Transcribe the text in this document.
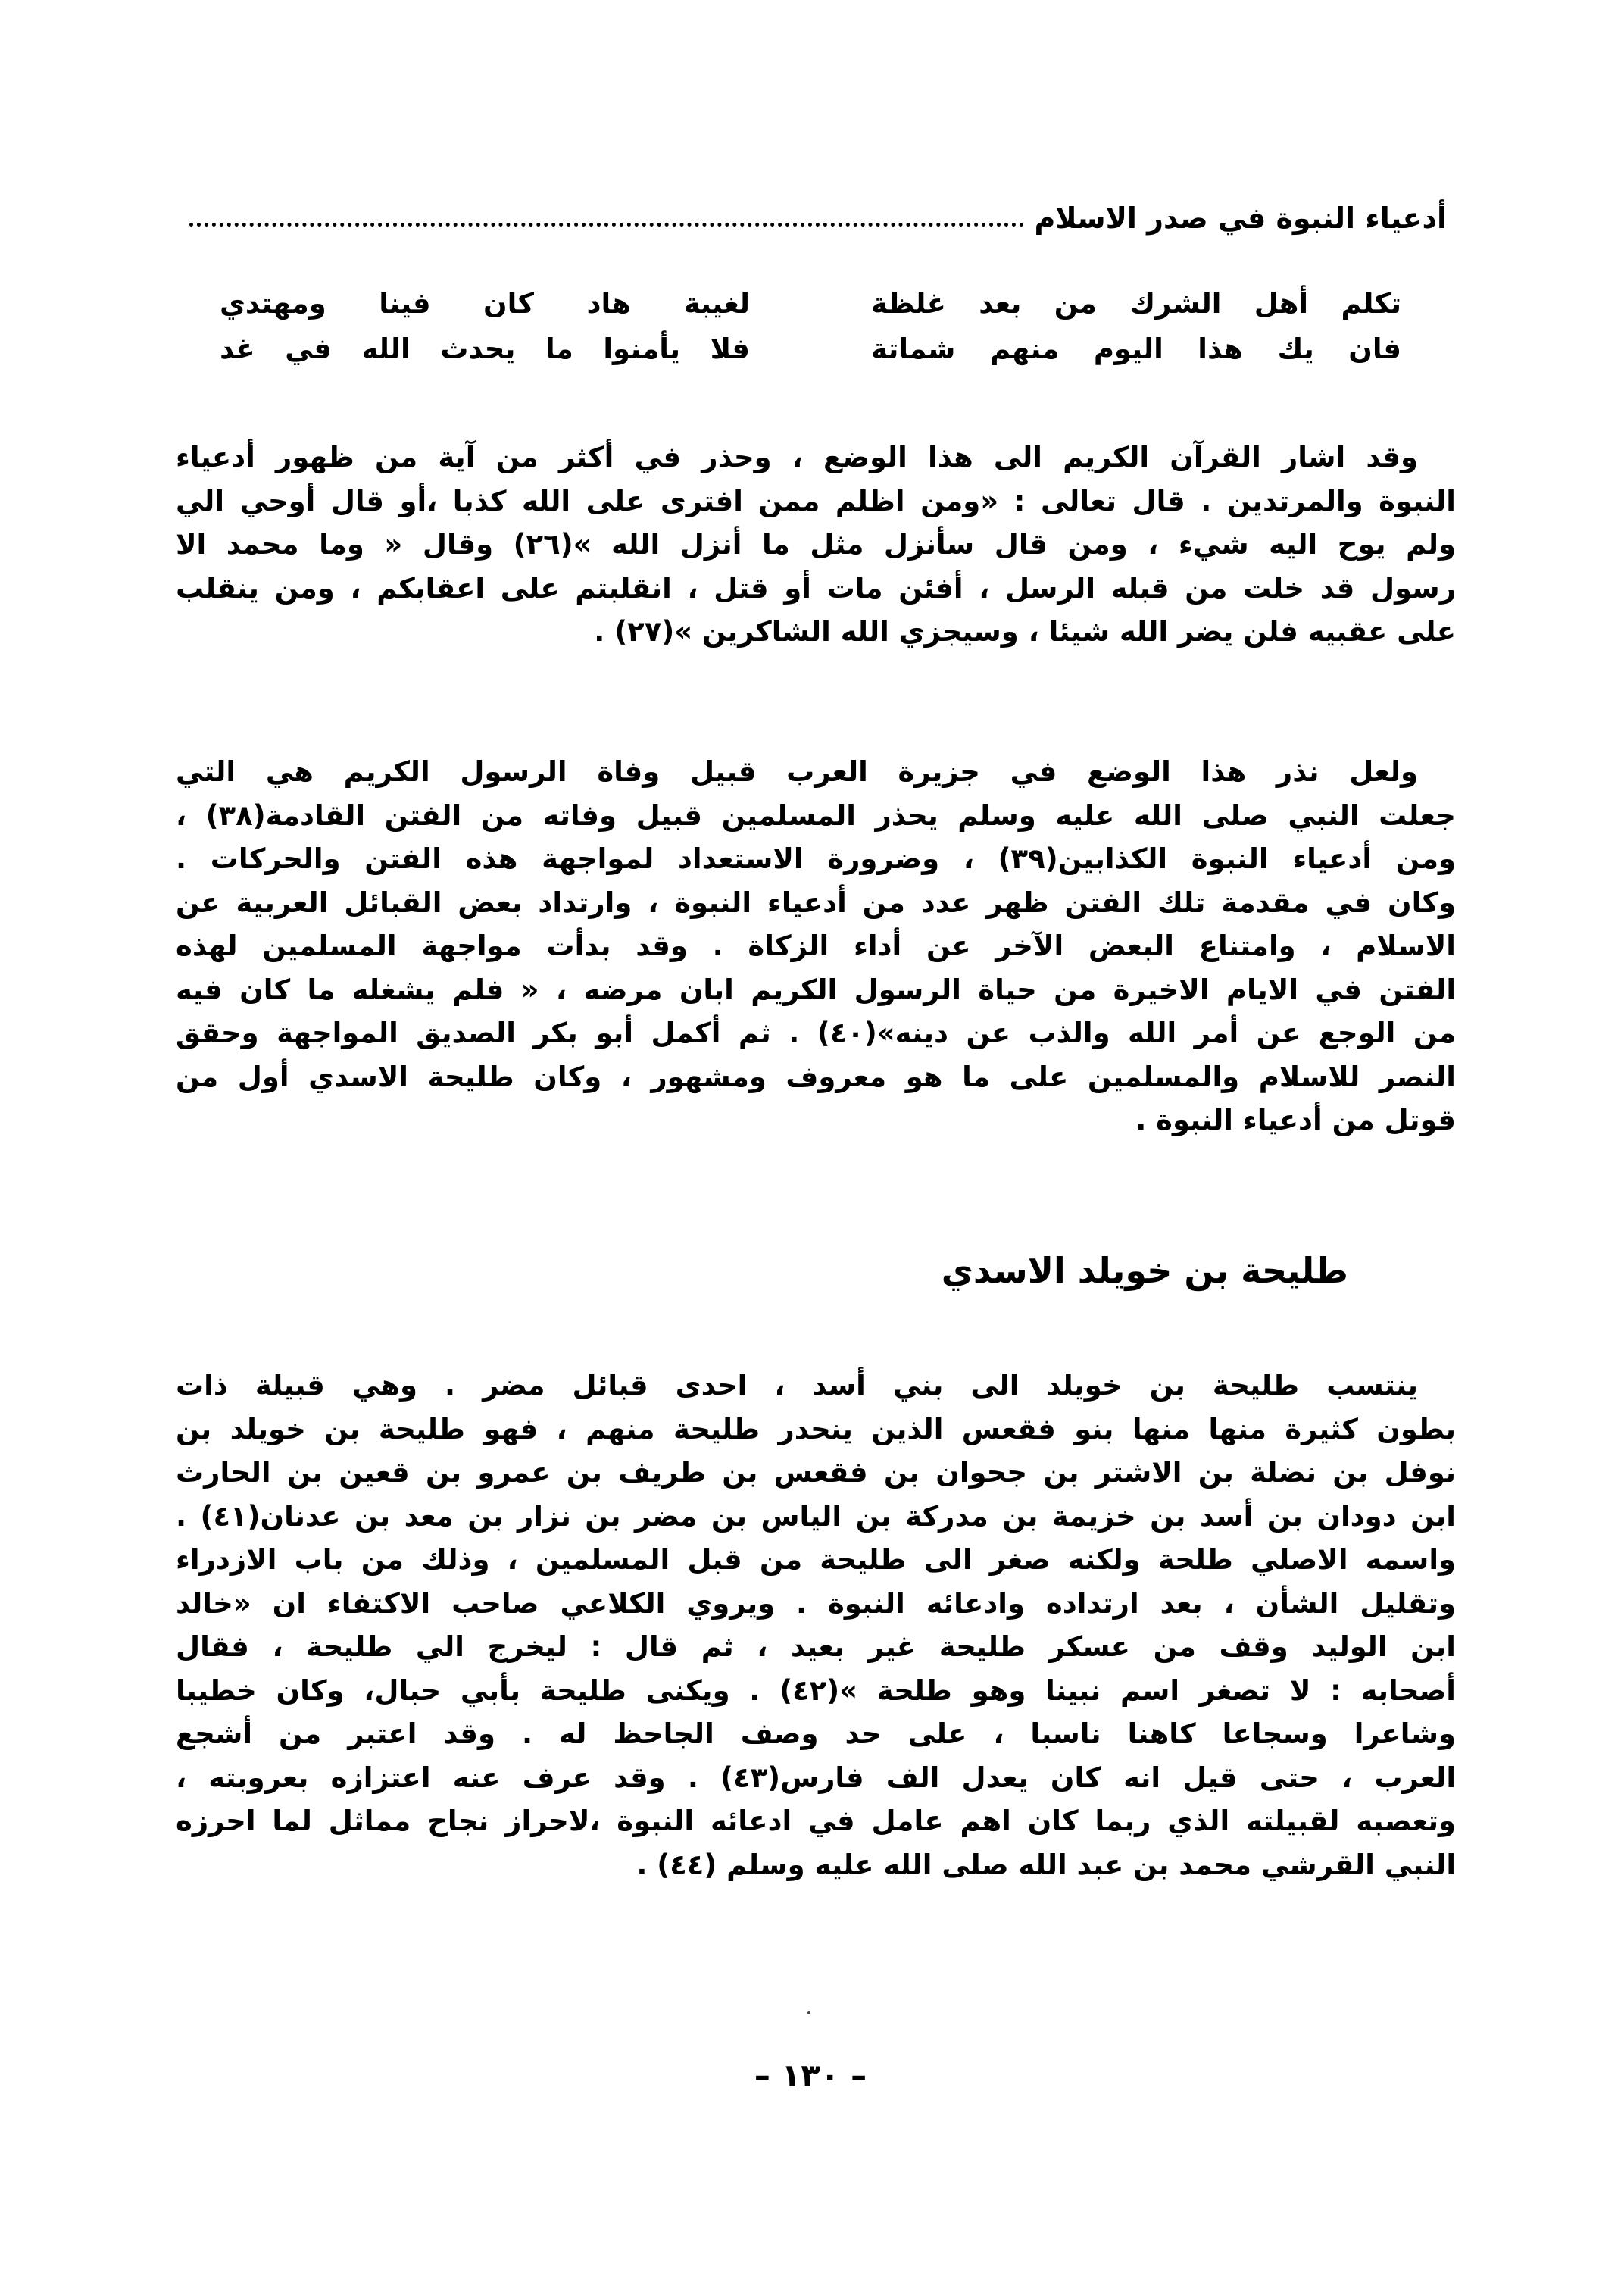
أدعياء النبوة في صدر الاسلام
تكلم أهل الشرك من بعد غلظة
لغيبة هاد كان فينا ومهتدي
فان يك هذا اليوم منهم شماتة
فلا يأمنوا ما يحدث الله في غد
وقد اشار القرآن الكريم الى هذا الوضع ، وحذر في أكثر من آية من ظهور أدعياء
النبوة والمرتدين . قال تعالى : «ومن اظلم ممن افترى على الله كذبا ،أو قال أوحي الي
ولم يوح اليه شيء ، ومن قال سأنزل مثل ما أنزل الله »(٢٦) وقال « وما محمد الا
رسول قد خلت من قبله الرسل ، أفئن مات أو قتل ، انقلبتم على اعقابكم ، ومن ينقلب
على عقبيه فلن يضر الله شيئا ، وسيجزي الله الشاكرين »(٢٧) .
ولعل نذر هذا الوضع في جزيرة العرب قبيل وفاة الرسول الكريم هي التي
جعلت النبي صلى الله عليه وسلم يحذر المسلمين قبيل وفاته من الفتن القادمة(٣٨) ،
ومن أدعياء النبوة الكذابين(٣٩) ، وضرورة الاستعداد لمواجهة هذه الفتن والحركات .
وكان في مقدمة تلك الفتن ظهر عدد من أدعياء النبوة ، وارتداد بعض القبائل العربية عن
الاسلام ، وامتناع البعض الآخر عن أداء الزكاة . وقد بدأت مواجهة المسلمين لهذه
الفتن في الايام الاخيرة من حياة الرسول الكريم ابان مرضه ، « فلم يشغله ما كان فيه
من الوجع عن أمر الله والذب عن دينه»(٤٠) . ثم أكمل أبو بكر الصديق المواجهة وحقق
النصر للاسلام والمسلمين على ما هو معروف ومشهور ، وكان طليحة الاسدي أول من
قوتل من أدعياء النبوة .
طليحة بن خويلد الاسدي
ينتسب طليحة بن خويلد الى بني أسد ، احدى قبائل مضر . وهي قبيلة ذات
بطون كثيرة منها منها بنو فقعس الذين ينحدر طليحة منهم ، فهو طليحة بن خويلد بن
نوفل بن نضلة بن الاشتر بن جحوان بن فقعس بن طريف بن عمرو بن قعين بن الحارث
ابن دودان بن أسد بن خزيمة بن مدركة بن الياس بن مضر بن نزار بن معد بن عدنان(٤١) .
واسمه الاصلي طلحة ولكنه صغر الى طليحة من قبل المسلمين ، وذلك من باب الازدراء
وتقليل الشأن ، بعد ارتداده وادعائه النبوة . ويروي الكلاعي صاحب الاكتفاء ان «خالد
ابن الوليد وقف من عسكر طليحة غير بعيد ، ثم قال : ليخرج الي طليحة ، فقال
أصحابه : لا تصغر اسم نبينا وهو طلحة »(٤٢) . ويكنى طليحة بأبي حبال، وكان خطيبا
وشاعرا وسجاعا كاهنا ناسبا ، على حد وصف الجاحظ له . وقد اعتبر من أشجع
العرب ، حتى قيل انه كان يعدل الف فارس(٤٣) . وقد عرف عنه اعتزازه بعروبته ،
وتعصبه لقبيلته الذي ربما كان اهم عامل في ادعائه النبوة ،لاحراز نجاح مماثل لما احرزه
النبي القرشي محمد بن عبد الله صلى الله عليه وسلم (٤٤) .
– ١٣٠ –
